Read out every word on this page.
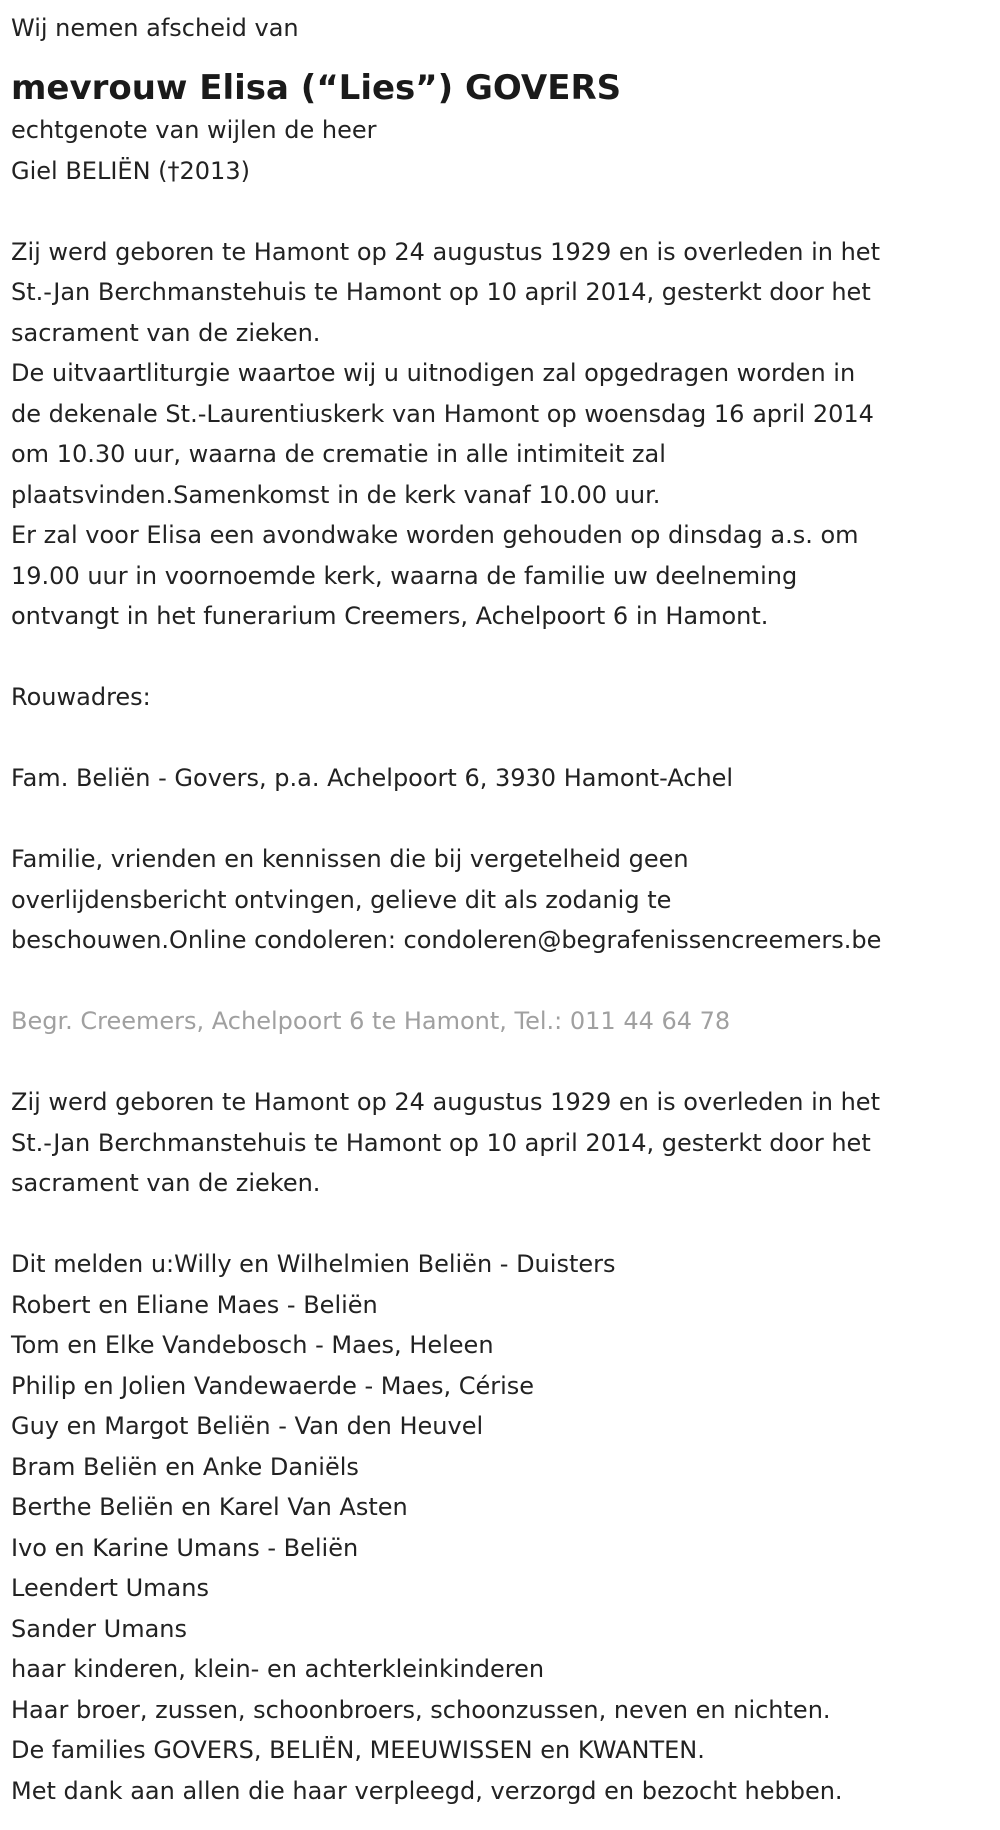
Wij nemen afscheid van
mevrouw Elisa (“Lies”) GOVERS
echtgenote van wijlen de heer
Giel BELIËN (†2013)
Zij werd geboren te Hamont op 24 augustus 1929 en is overleden in het
St.-Jan Berchmanstehuis te Hamont op 10 april 2014, gesterkt door het
sacrament van de zieken.
De uitvaartliturgie waartoe wij u uitnodigen zal opgedragen worden in
de dekenale St.-Laurentiuskerk van Hamont op woensdag 16 april 2014
om 10.30 uur, waarna de crematie in alle intimiteit zal
plaatsvinden.Samenkomst in de kerk vanaf 10.00 uur.
Er zal voor Elisa een avondwake worden gehouden op dinsdag a.s. om
19.00 uur in voornoemde kerk, waarna de familie uw deelneming
ontvangt in het funerarium Creemers, Achelpoort 6 in Hamont.
Rouwadres:
Fam. Beliën - Govers, p.a. Achelpoort 6, 3930 Hamont-Achel
Familie, vrienden en kennissen die bij vergetelheid geen
overlijdensbericht ontvingen, gelieve dit als zodanig te
beschouwen.Online condoleren: condoleren@begrafenissencreemers.be
Begr. Creemers, Achelpoort 6 te Hamont, Tel.: 011 44 64 78
Zij werd geboren te Hamont op 24 augustus 1929 en is overleden in het
St.-Jan Berchmanstehuis te Hamont op 10 april 2014, gesterkt door het
sacrament van de zieken.
Dit melden u:Willy en Wilhelmien Beliën - Duisters
Robert en Eliane Maes - Beliën
Tom en Elke Vandebosch - Maes, Heleen
Philip en Jolien Vandewaerde - Maes, Cérise
Guy en Margot Beliën - Van den Heuvel
Bram Beliën en Anke Daniëls
Berthe Beliën en Karel Van Asten
Ivo en Karine Umans - Beliën
Leendert Umans
Sander Umans
haar kinderen, klein- en achterkleinkinderen
Haar broer, zussen, schoonbroers, schoonzussen, neven en nichten.
De families GOVERS, BELIËN, MEEUWISSEN en KWANTEN.
Met dank aan allen die haar verpleegd, verzorgd en bezocht hebben.
